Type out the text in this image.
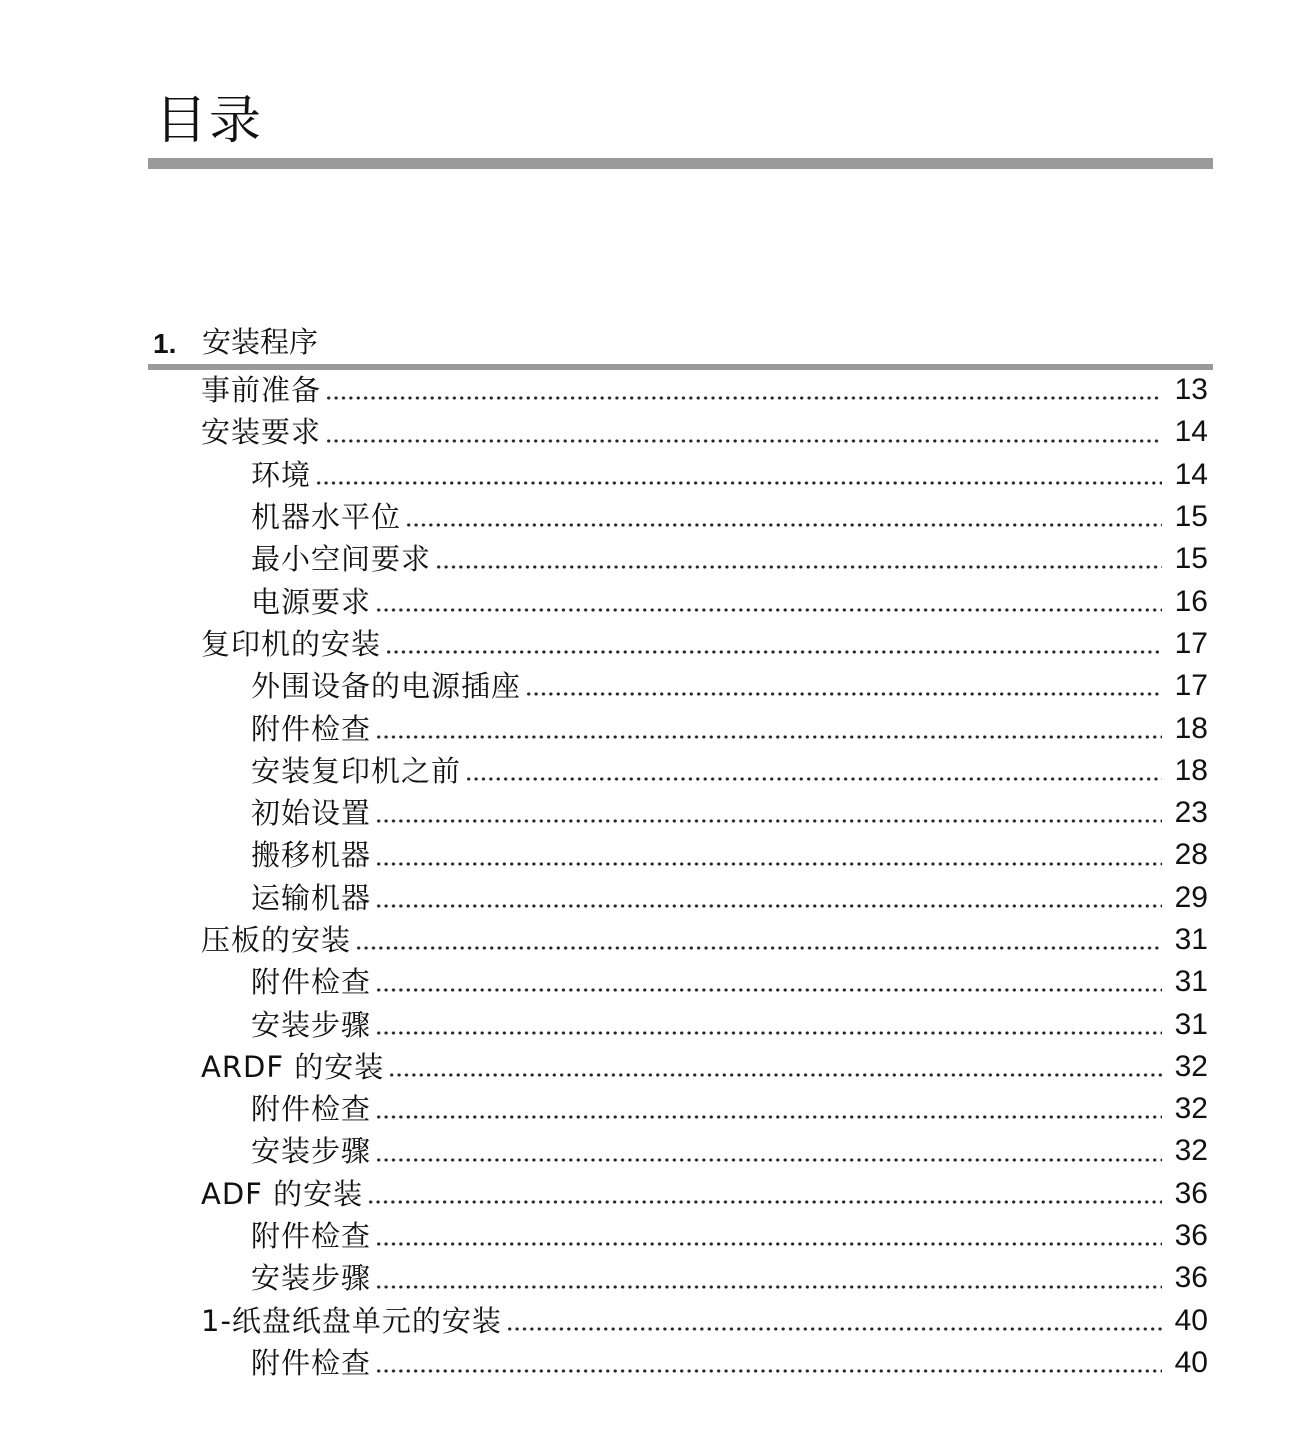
目录
1. 安装程序
事前准备	13
安装要求	14
环境	14
机器水平位	15
最小空间要求	15
电源要求	16
复印机的安装	17
外围设备的电源插座	17
附件检查	18
安装复印机之前	18
初始设置	23
搬移机器	28
运输机器	29
压板的安装	31
附件检查	31
安装步骤	31
ARDF 的安装	32
附件检查	32
安装步骤	32
ADF 的安装	36
附件检查	36
安装步骤	36
1-纸盘纸盘单元的安装	40
附件检查	40
